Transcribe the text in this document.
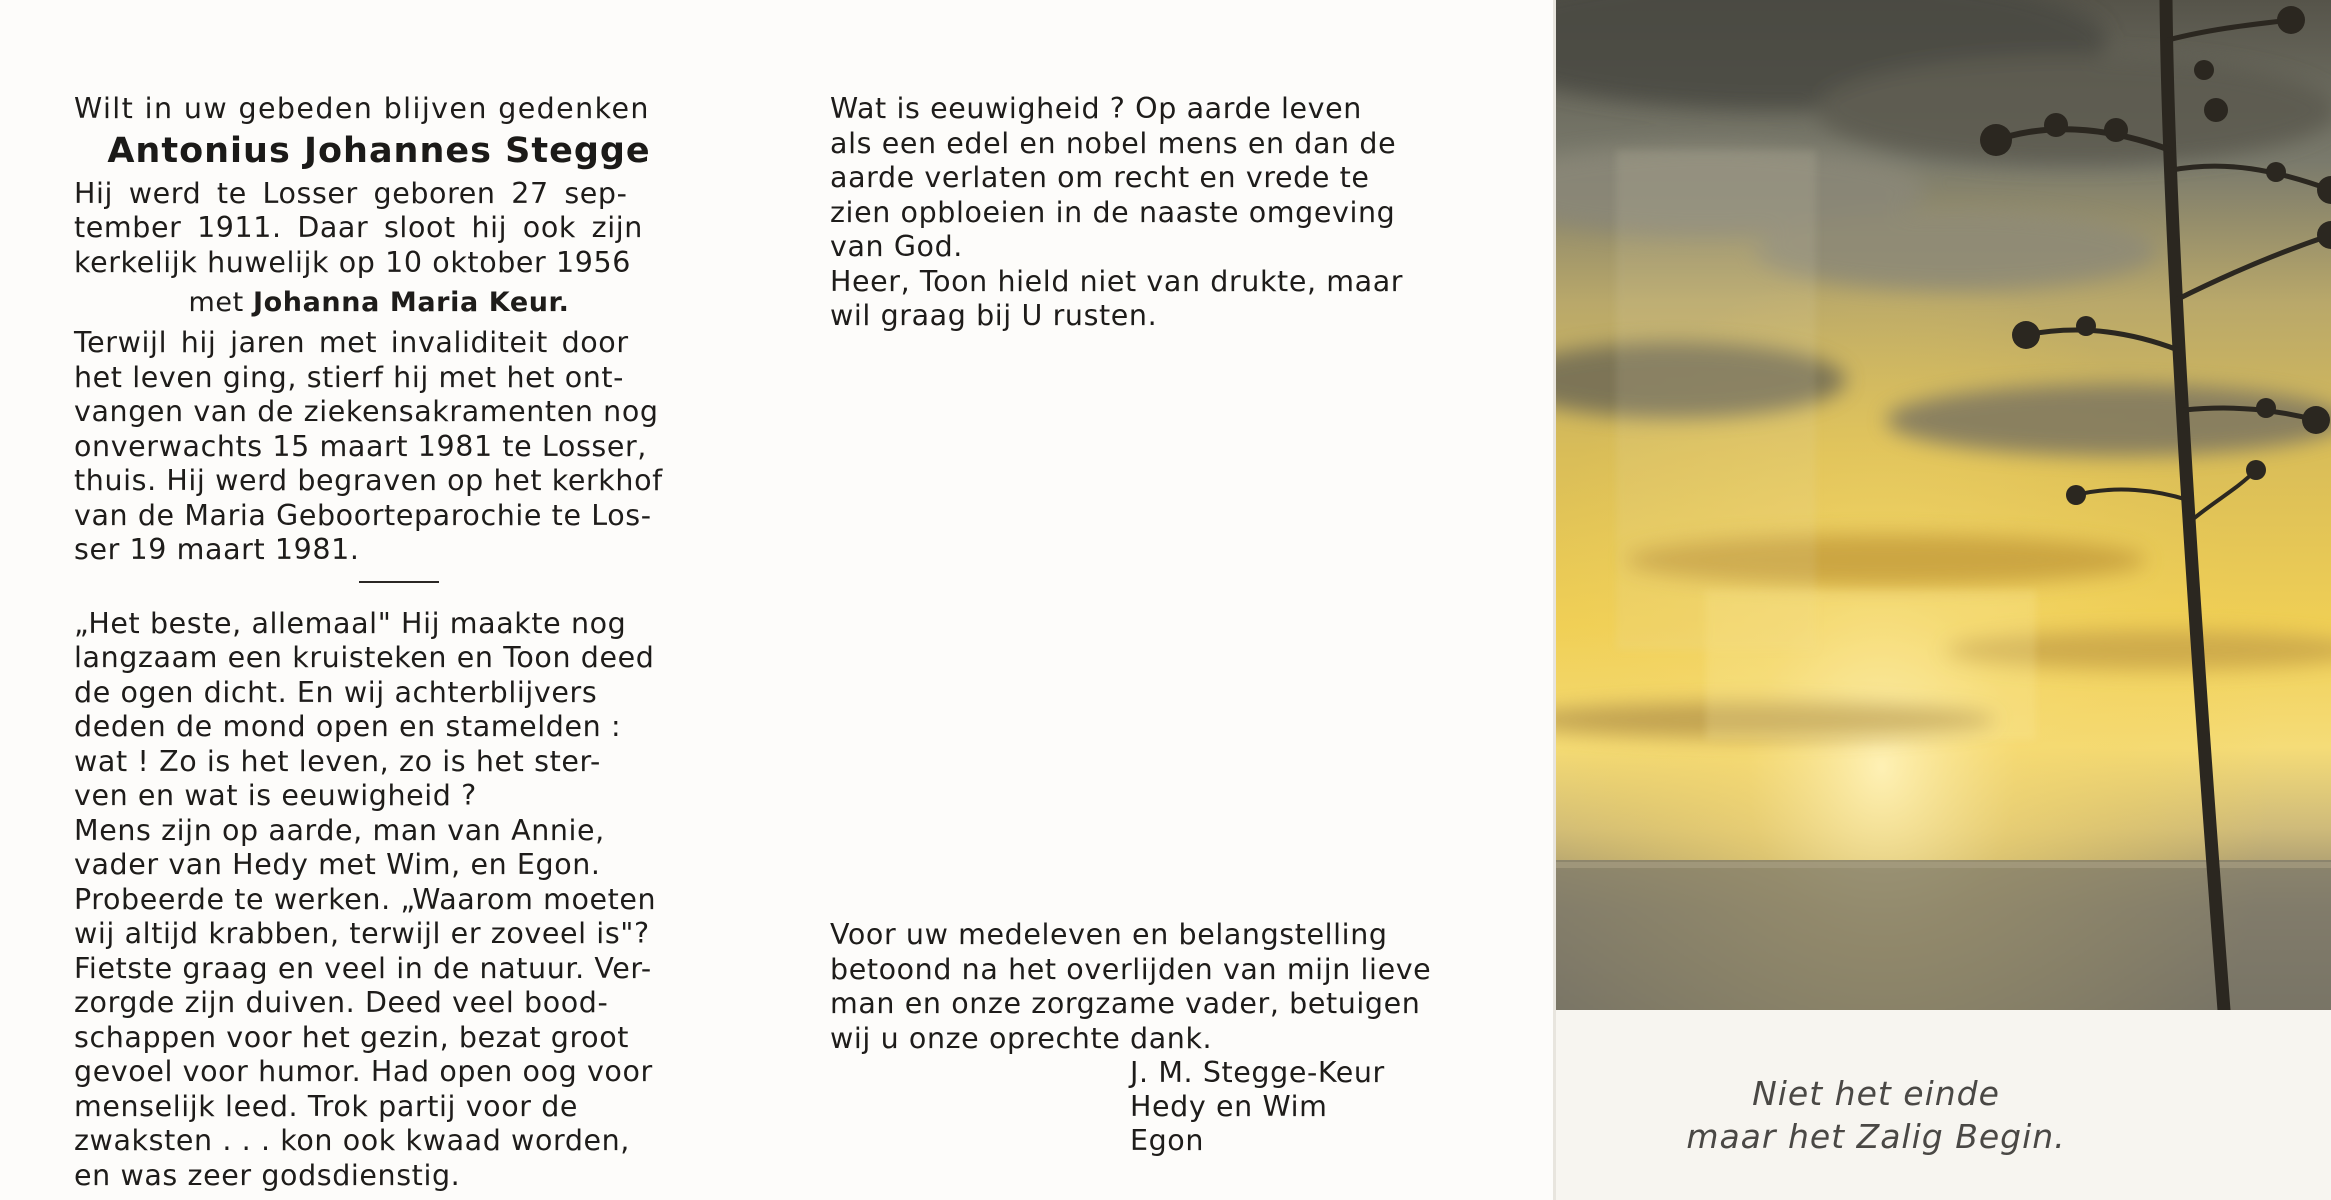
Wilt in uw gebeden blijven gedenken
Antonius Johannes Stegge
Hij werd te Losser geboren 27 sep-
tember 1911. Daar sloot hij ook zijn
kerkelijk huwelijk op 10 oktober 1956
met Johanna Maria Keur.
Terwijl hij jaren met invaliditeit door
het leven ging, stierf hij met het ont-
vangen van de ziekensakramenten nog
onverwachts 15 maart 1981 te Losser,
thuis. Hij werd begraven op het kerkhof
van de Maria Geboorteparochie te Los-
ser 19 maart 1981.
„Het beste, allemaal" Hij maakte nog
langzaam een kruisteken en Toon deed
de ogen dicht. En wij achterblijvers
deden de mond open en stamelden :
wat ! Zo is het leven, zo is het ster-
ven en wat is eeuwigheid ?
Mens zijn op aarde, man van Annie,
vader van Hedy met Wim, en Egon.
Probeerde te werken. „Waarom moeten
wij altijd krabben, terwijl er zoveel is"?
Fietste graag en veel in de natuur. Ver-
zorgde zijn duiven. Deed veel bood-
schappen voor het gezin, bezat groot
gevoel voor humor. Had open oog voor
menselijk leed. Trok partij voor de
zwaksten . . . kon ook kwaad worden,
en was zeer godsdienstig.
Wat is eeuwigheid ? Op aarde leven
als een edel en nobel mens en dan de
aarde verlaten om recht en vrede te
zien opbloeien in de naaste omgeving
van God.
Heer, Toon hield niet van drukte, maar
wil graag bij U rusten.
Voor uw medeleven en belangstelling
betoond na het overlijden van mijn lieve
man en onze zorgzame vader, betuigen
wij u onze oprechte dank.
J. M. Stegge-Keur
Hedy en Wim
Egon
Niet het einde
maar het Zalig Begin.
